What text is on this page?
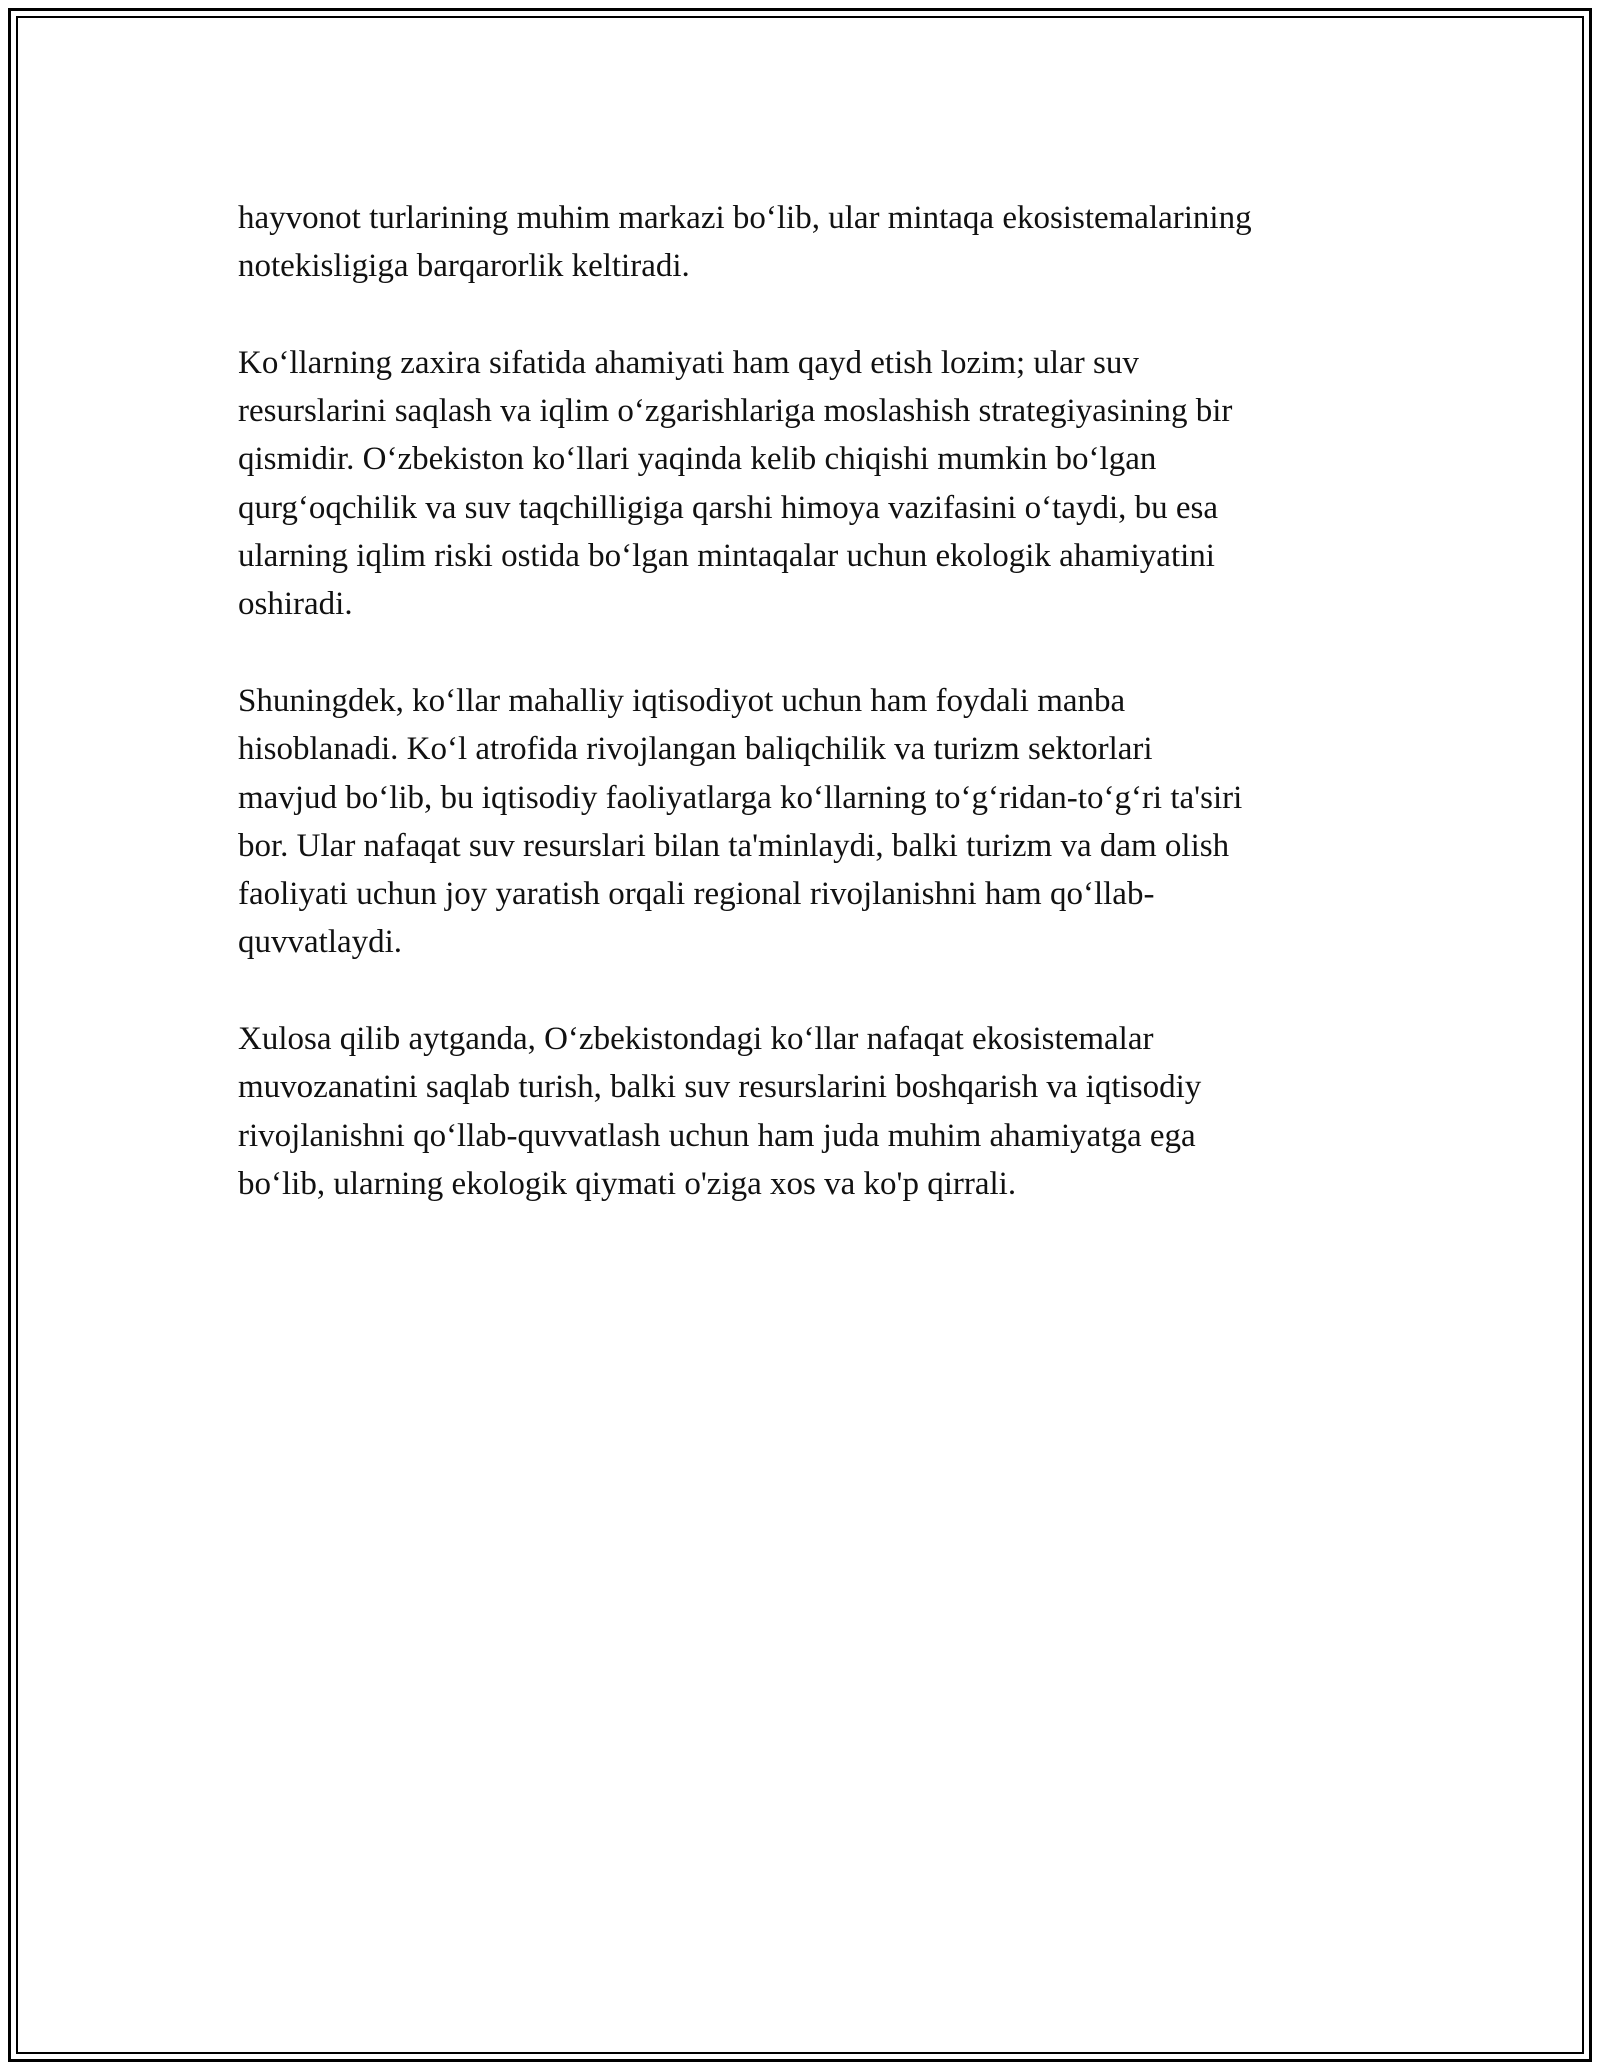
hayvonot turlarining muhim markazi bo‘lib, ular mintaqa ekosistemalarining
notekisligiga barqarorlik keltiradi.

Ko‘llarning zaxira sifatida ahamiyati ham qayd etish lozim; ular suv
resurslarini saqlash va iqlim o‘zgarishlariga moslashish strategiyasining bir
qismidir. O‘zbekiston ko‘llari yaqinda kelib chiqishi mumkin bo‘lgan
qurg‘oqchilik va suv taqchilligiga qarshi himoya vazifasini o‘taydi, bu esa
ularning iqlim riski ostida bo‘lgan mintaqalar uchun ekologik ahamiyatini
oshiradi.

Shuningdek, ko‘llar mahalliy iqtisodiyot uchun ham foydali manba
hisoblanadi. Ko‘l atrofida rivojlangan baliqchilik va turizm sektorlari
mavjud bo‘lib, bu iqtisodiy faoliyatlarga ko‘llarning to‘g‘ridan-to‘g‘ri ta'siri
bor. Ular nafaqat suv resurslari bilan ta'minlaydi, balki turizm va dam olish
faoliyati uchun joy yaratish orqali regional rivojlanishni ham qo‘llab-
quvvatlaydi.

Xulosa qilib aytganda, O‘zbekistondagi ko‘llar nafaqat ekosistemalar
muvozanatini saqlab turish, balki suv resurslarini boshqarish va iqtisodiy
rivojlanishni qo‘llab-quvvatlash uchun ham juda muhim ahamiyatga ega
bo‘lib, ularning ekologik qiymati o'ziga xos va ko'p qirrali.
